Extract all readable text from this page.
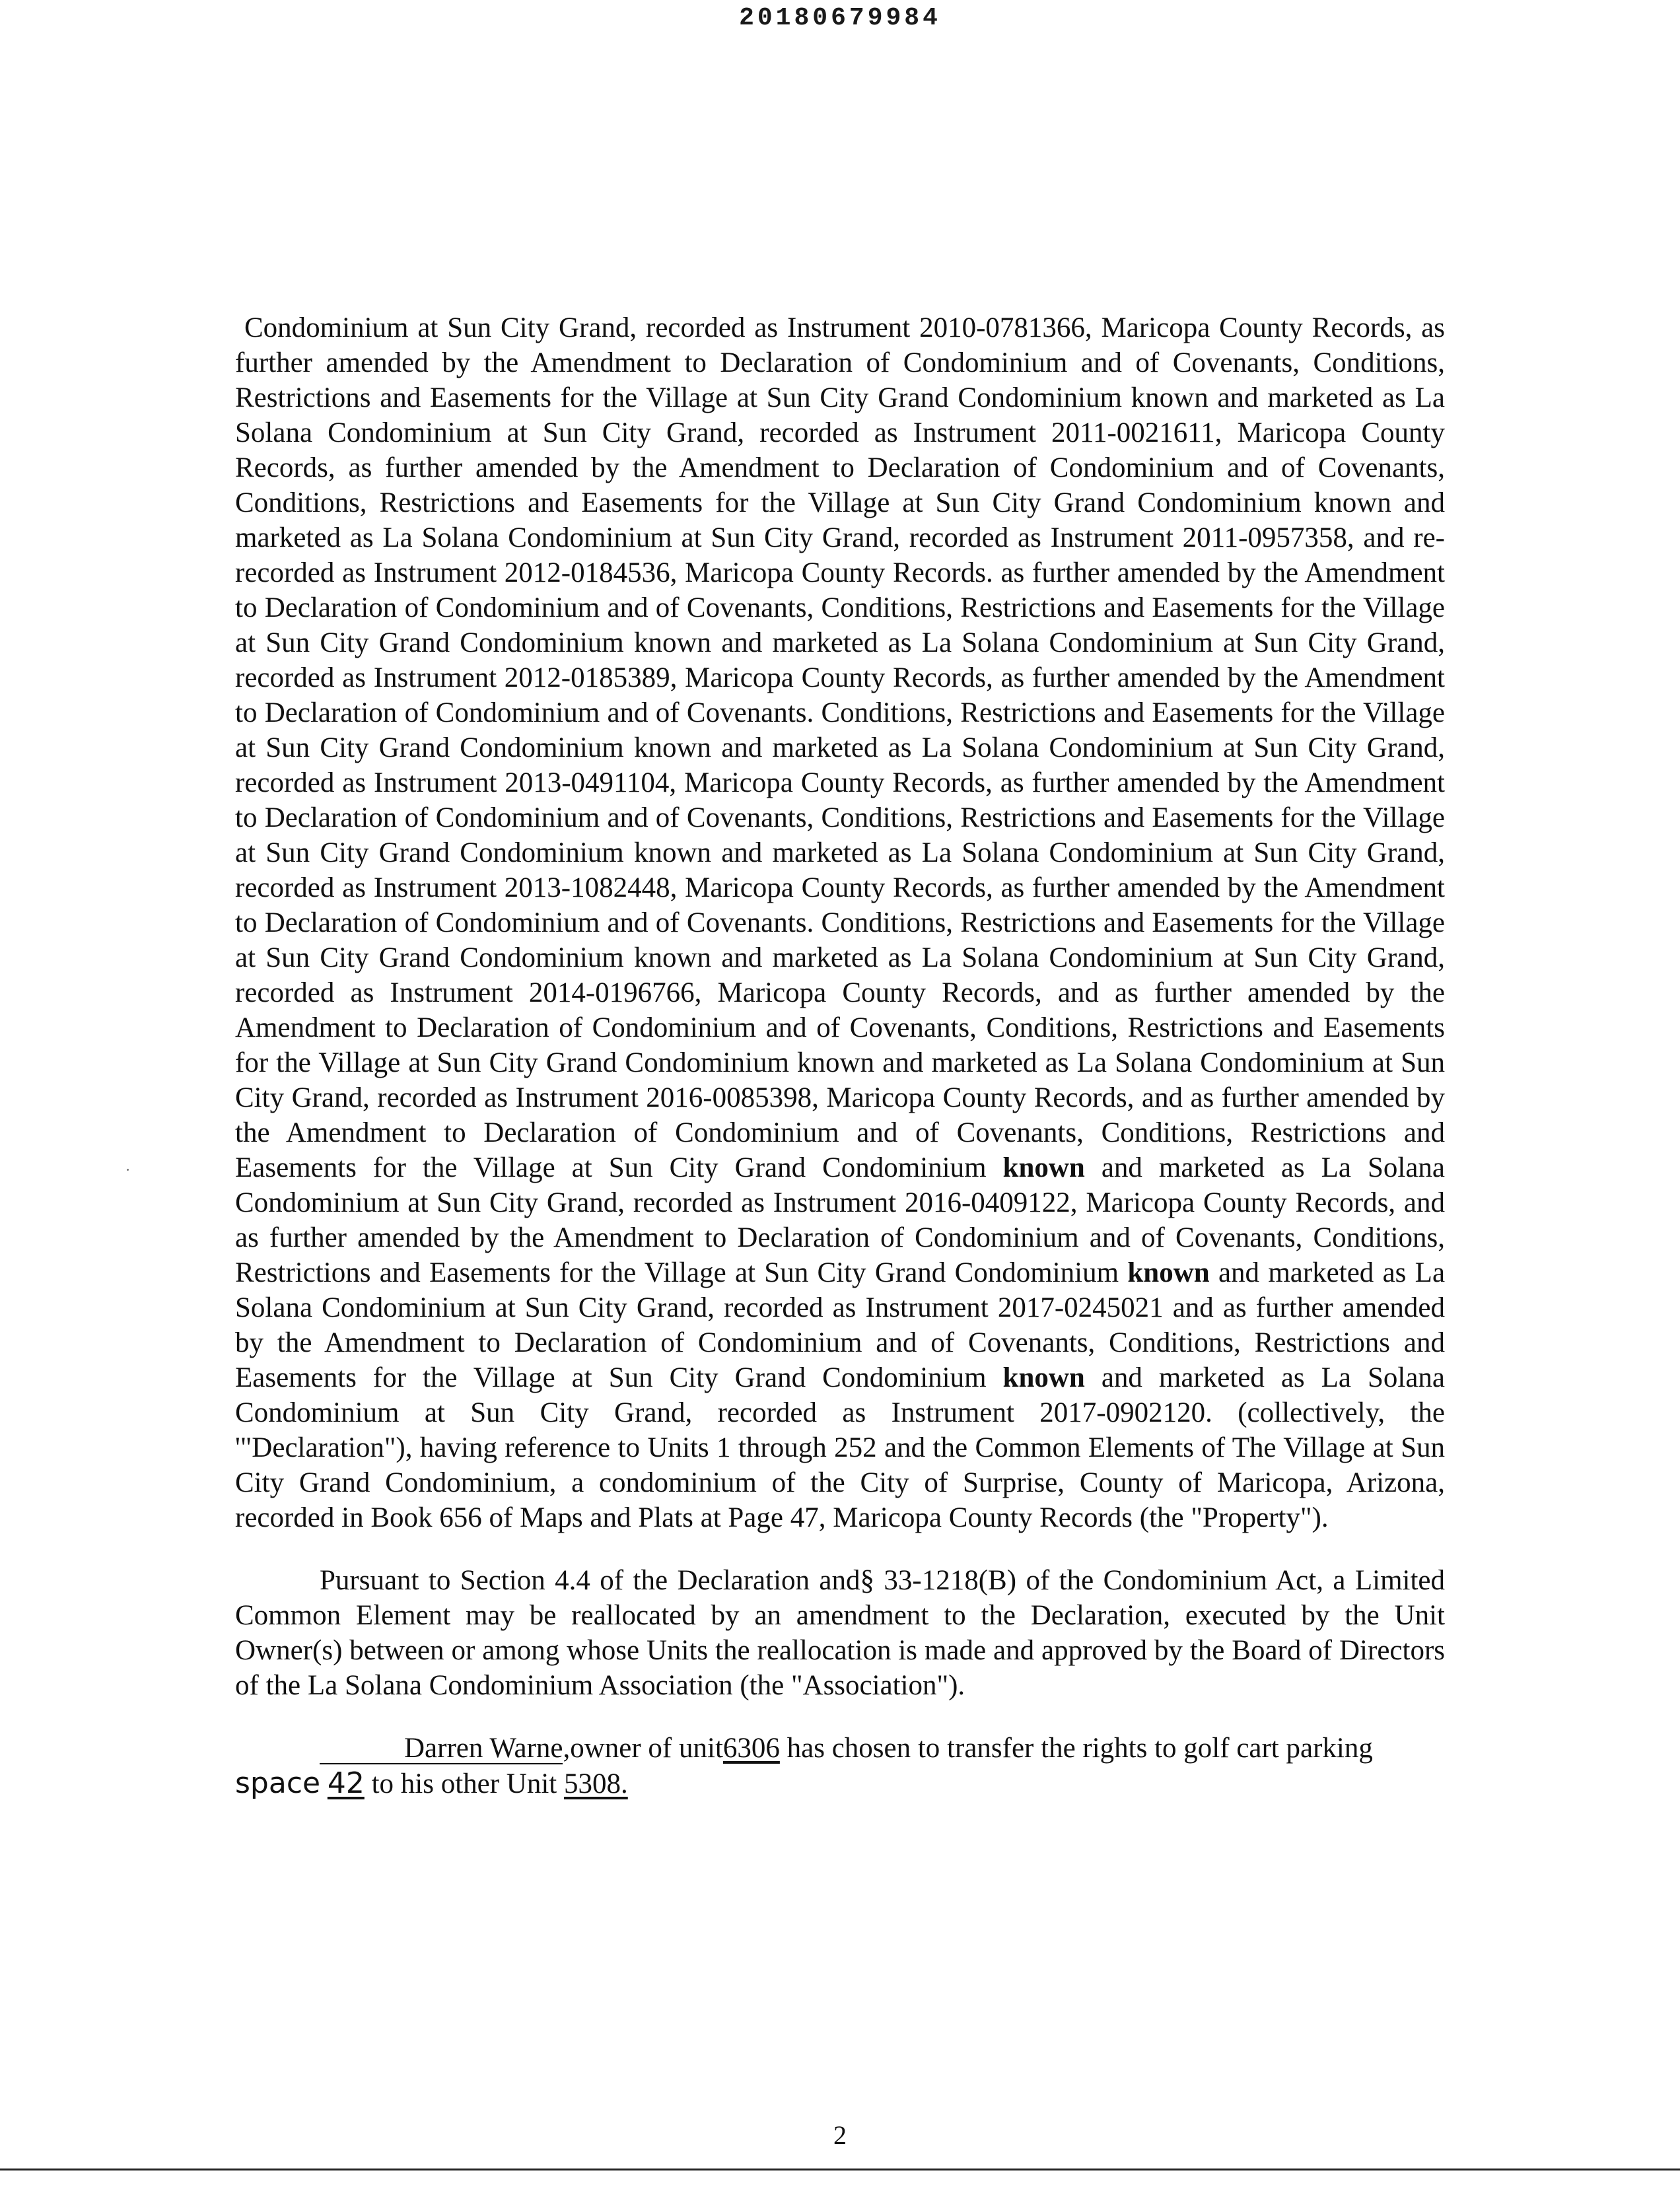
20180679984

Condominium at Sun City Grand, recorded as Instrument 2010-0781366, Maricopa County Records, as further amended by the Amendment to Declaration of Condominium and of Covenants, Conditions, Restrictions and Easements for the Village at Sun City Grand Condominium known and marketed as La Solana Condominium at Sun City Grand, recorded as Instrument 2011-0021611, Maricopa County Records, as further amended by the Amendment to Declaration of Condominium and of Covenants, Conditions, Restrictions and Easements for the Village at Sun City Grand Condominium known and marketed as La Solana Condominium at Sun City Grand, recorded as Instrument 2011-0957358, and re-recorded as Instrument 2012-0184536, Maricopa County Records. as further amended by the Amendment to Declaration of Condominium and of Covenants, Conditions, Restrictions and Easements for the Village at Sun City Grand Condominium known and marketed as La Solana Condominium at Sun City Grand, recorded as Instrument 2012-0185389, Maricopa County Records, as further amended by the Amendment to Declaration of Condominium and of Covenants. Conditions, Restrictions and Easements for the Village at Sun City Grand Condominium known and marketed as La Solana Condominium at Sun City Grand, recorded as Instrument 2013-0491104, Maricopa County Records, as further amended by the Amendment to Declaration of Condominium and of Covenants, Conditions, Restrictions and Easements for the Village at Sun City Grand Condominium known and marketed as La Solana Condominium at Sun City Grand, recorded as Instrument 2013-1082448, Maricopa County Records, as further amended by the Amendment to Declaration of Condominium and of Covenants. Conditions, Restrictions and Easements for the Village at Sun City Grand Condominium known and marketed as La Solana Condominium at Sun City Grand, recorded as Instrument 2014-0196766, Maricopa County Records, and as further amended by the Amendment to Declaration of Condominium and of Covenants, Conditions, Restrictions and Easements for the Village at Sun City Grand Condominium known and marketed as La Solana Condominium at Sun City Grand, recorded as Instrument 2016-0085398, Maricopa County Records, and as further amended by the Amendment to Declaration of Condominium and of Covenants, Conditions, Restrictions and Easements for the Village at Sun City Grand Condominium known and marketed as La Solana Condominium at Sun City Grand, recorded as Instrument 2016-0409122, Maricopa County Records, and as further amended by the Amendment to Declaration of Condominium and of Covenants, Conditions, Restrictions and Easements for the Village at Sun City Grand Condominium known and marketed as La Solana Condominium at Sun City Grand, recorded as Instrument 2017-0245021 and as further amended by the Amendment to Declaration of Condominium and of Covenants, Conditions, Restrictions and Easements for the Village at Sun City Grand Condominium known and marketed as La Solana Condominium at Sun City Grand, recorded as Instrument 2017-0902120. (collectively, the '"Declaration"), having reference to Units 1 through 252 and the Common Elements of The Village at Sun City Grand Condominium, a condominium of the City of Surprise, County of Maricopa, Arizona, recorded in Book 656 of Maps and Plats at Page 47, Maricopa County Records (the "Property").

Pursuant to Section 4.4 of the Declaration and§ 33-1218(B) of the Condominium Act, a Limited Common Element may be reallocated by an amendment to the Declaration, executed by the Unit Owner(s) between or among whose Units the reallocation is made and approved by the Board of Directors of the La Solana Condominium Association (the "Association").

Darren Warne,owner of unit6306 has chosen to transfer the rights to golf cart parking space 42 to his other Unit 5308.

2
